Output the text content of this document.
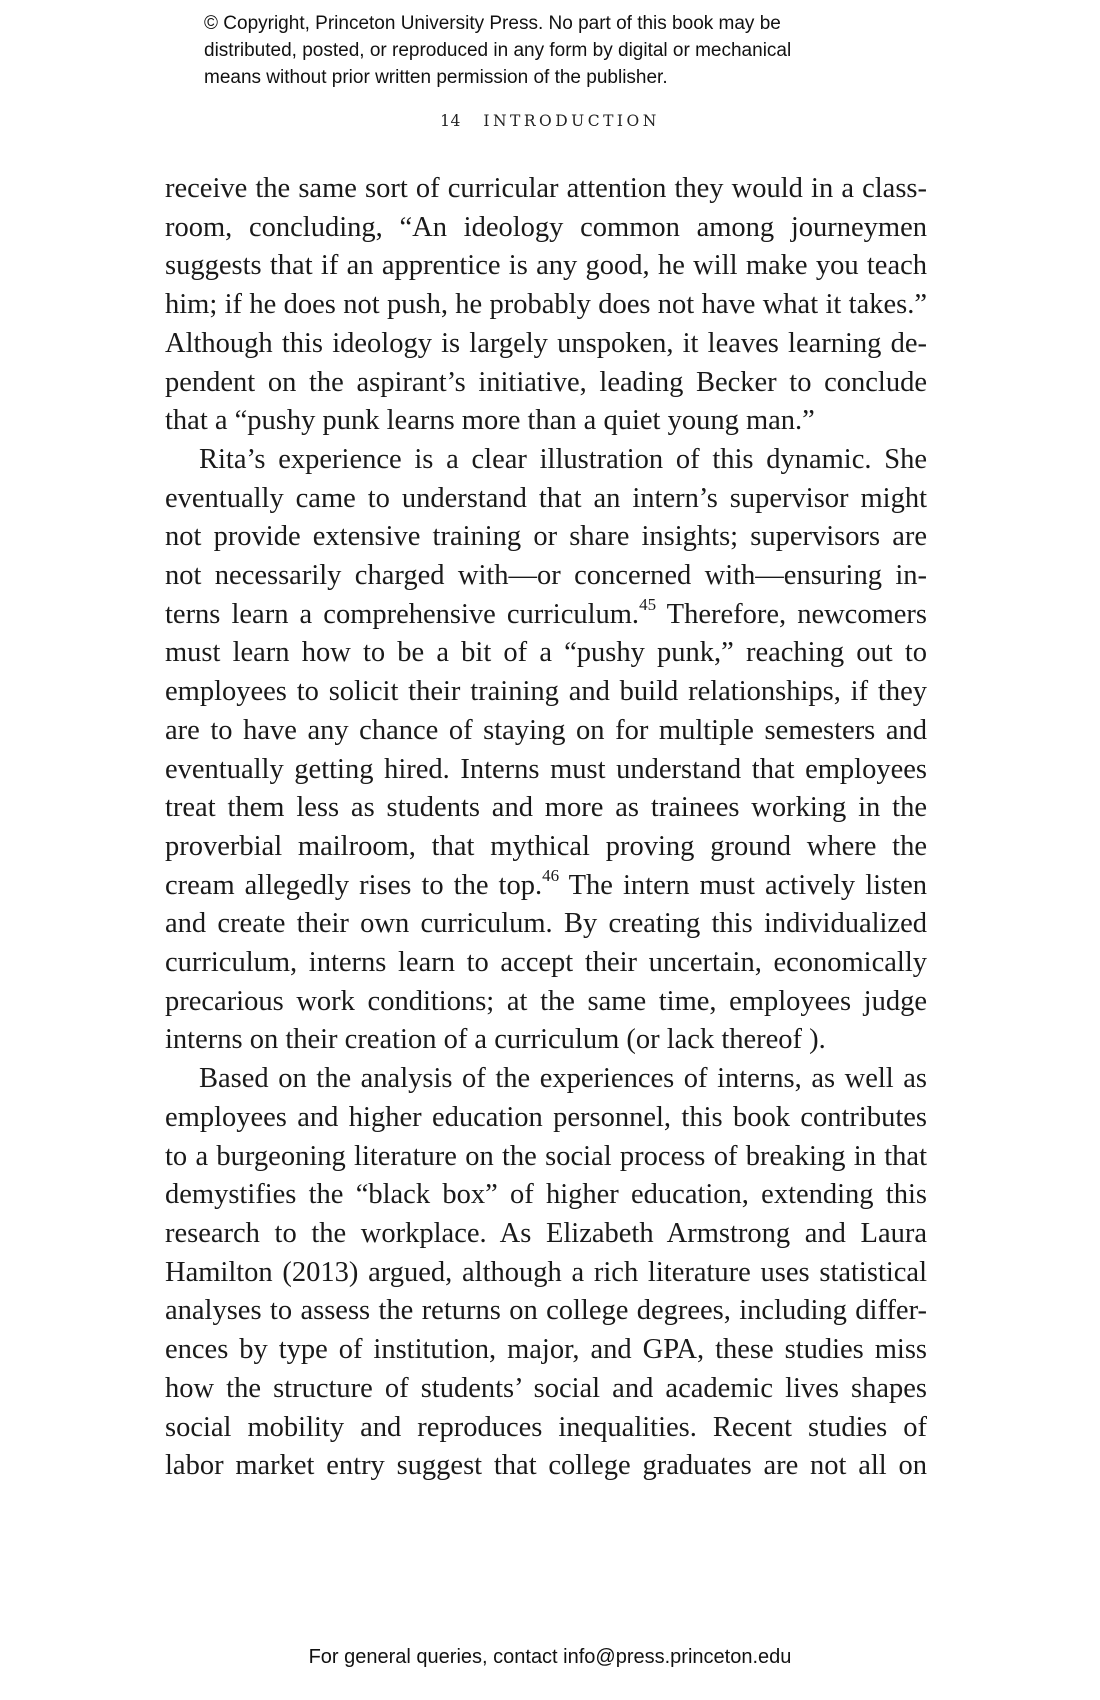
© Copyright, Princeton University Press. No part of this book may be
distributed, posted, or reproduced in any form by digital or mechanical
means without prior written permission of the publisher.
14 INTRODUCTION
receive the same sort of curricular attention they would in a class-
room, concluding, “An ideology common among journeymen
suggests that if an apprentice is any good, he will make you teach
him; if he does not push, he probably does not have what it takes.”
Although this ideology is largely unspoken, it leaves learning de-
pendent on the aspirant’s initiative, leading Becker to conclude
that a “pushy punk learns more than a quiet young man.”
Rita’s experience is a clear illustration of this dynamic. She
eventually came to understand that an intern’s supervisor might
not provide extensive training or share insights; supervisors are
not necessarily charged with—or concerned with—ensuring in-
terns learn a comprehensive curriculum.$^{45}$ Therefore, newcomers
must learn how to be a bit of a “pushy punk,” reaching out to
employees to solicit their training and build relationships, if they
are to have any chance of staying on for multiple semesters and
eventually getting hired. Interns must understand that employees
treat them less as students and more as trainees working in the
proverbial mailroom, that mythical proving ground where the
cream allegedly rises to the top.$^{46}$ The intern must actively listen
and create their own curriculum. By creating this individualized
curriculum, interns learn to accept their uncertain, economically
precarious work conditions; at the same time, employees judge
interns on their creation of a curriculum (or lack thereof ).
Based on the analysis of the experiences of interns, as well as
employees and higher education personnel, this book contributes
to a burgeoning literature on the social process of breaking in that
demystifies the “black box” of higher education, extending this
research to the workplace. As Elizabeth Armstrong and Laura
Hamilton (2013) argued, although a rich literature uses statistical
analyses to assess the returns on college degrees, including differ-
ences by type of institution, major, and GPA, these studies miss
how the structure of students’ social and academic lives shapes
social mobility and reproduces inequalities. Recent studies of
labor market entry suggest that college graduates are not all on
For general queries, contact info@press.princeton.edu
